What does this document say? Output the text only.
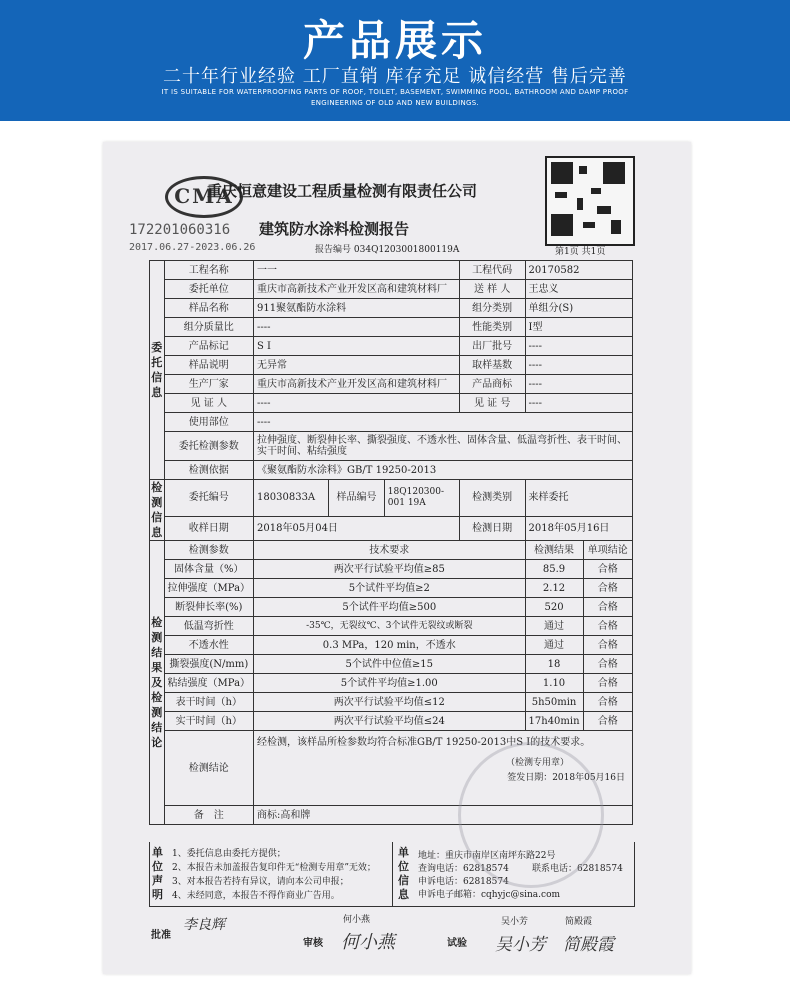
产品展示
二十年行业经验 工厂直销 库存充足 诚信经营 售后完善
IT IS SUITABLE FOR WATERPROOFING PARTS OF ROOF, TOILET, BASEMENT, SWIMMING POOL, BATHROOM AND DAMP PROOF
ENGINEERING OF OLD AND NEW BUILDINGS.
CMA
重庆恒意建设工程质量检测有限责任公司
建筑防水涂料检测报告
172201060316
2017.06.27-2023.06.26	报告编号 034Q1203001800119A	第1页 共1页
委托信息	工程名称	一一			工程代码	20170582	
	委托单位	重庆市高新技术产业开发区高和建筑材料厂			送 样 人	王忠义	
	样品名称	911聚氨酯防水涂料			组分类别	单组分(S)	
	组分质量比	----			性能类别	I型	
	产品标记	S I			出厂批号	----	
	样品说明	无异常			取样基数	----	
	生产厂家	重庆市高新技术产业开发区高和建筑材料厂			产品商标	----	
	见 证 人	----			见 证 号	----	
	使用部位	----					
	委托检测参数	拉伸强度、断裂伸长率、撕裂强度、不透水性、固体含量、低温弯折性、表干时间、实干时间、粘结强度					
	检测依据	《聚氨酯防水涂料》GB/T 19250-2013					
检测信息	委托编号	18030833A	样品编号	18Q120300-001 19A	检测类别	来样委托	
	收样日期	2018年05月04日			检测日期	2018年05月16日	
检测结果及检测结论	检测参数	技术要求				检测结果	单项结论
	固体含量（%）	两次平行试验平均值≥85				85.9	合格
	拉伸强度（MPa）	5个试件平均值≥2				2.12	合格
	断裂伸长率(%)	5个试件平均值≥500				520	合格
	低温弯折性	-35℃，无裂纹℃、3个试件无裂纹或断裂				通过	合格
	不透水性	0.3 MPa，120 min，不透水				通过	合格
	撕裂强度(N/mm)	5个试件中位值≥15				18	合格
	粘结强度（MPa）	5个试件平均值≥1.00				1.10	合格
	表干时间（h）	两次平行试验平均值≤12				5h50min	合格
	实干时间（h）	两次平行试验平均值≤24				17h40min	合格
	检测结论	经检测，该样品所检参数均符合标准GB/T 19250-2013中S I的技术要求。
（检测专用章）
签发日期：2018年05月16日					

	备　注	商标:高和牌					
单位声明
1、委托信息由委托方提供；
2、本报告未加盖报告复印件无“检测专用章”无效；
3、对本报告若持有异议，请向本公司申报；
4、未经同意，本报告不得作商业广告用。
单位信息
地址：重庆市南岸区南坪东路22号
查询电话：62818574	联系电话：62818574
申诉电话：62818574
申诉电子邮箱：cqhyjc@sina.com
批准
李良辉
审核
何小燕
何小燕	试验
吴小芳	简殿霞
吴小芳　简殿霞
